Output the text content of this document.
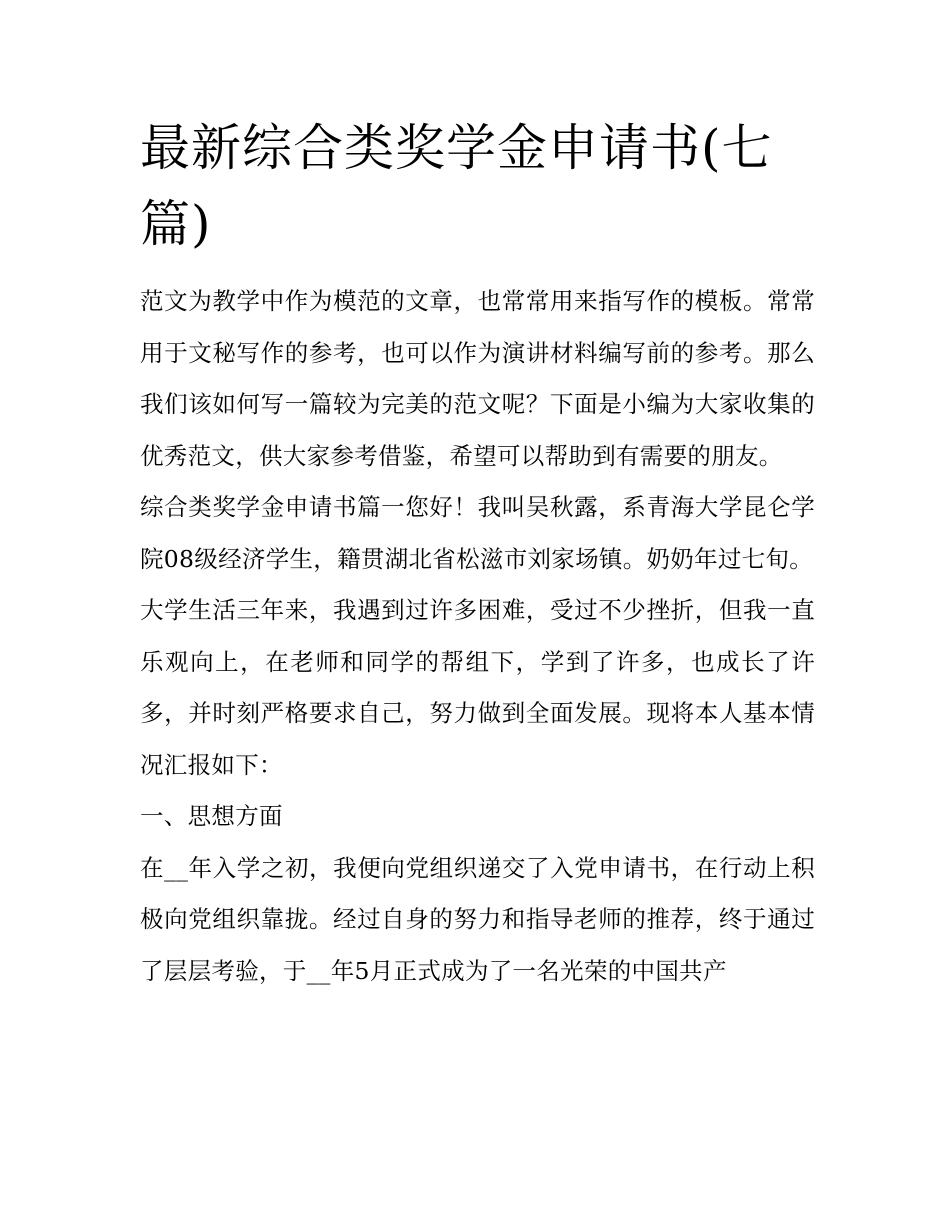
最新综合类奖学金申请书(七篇)

范文为教学中作为模范的文章，也常常用来指写作的模板。常常用于文秘写作的参考，也可以作为演讲材料编写前的参考。那么我们该如何写一篇较为完美的范文呢？下面是小编为大家收集的优秀范文，供大家参考借鉴，希望可以帮助到有需要的朋友。

综合类奖学金申请书篇一您好！我叫吴秋露，系青海大学昆仑学院08级经济学生，籍贯湖北省松滋市刘家场镇。奶奶年过七旬。

大学生活三年来，我遇到过许多困难，受过不少挫折，但我一直乐观向上，在老师和同学的帮组下，学到了许多，也成长了许多，并时刻严格要求自己，努力做到全面发展。现将本人基本情况汇报如下：

一、思想方面

在__年入学之初，我便向党组织递交了入党申请书，在行动上积极向党组织靠拢。经过自身的努力和指导老师的推荐，终于通过了层层考验，于__年5月正式成为了一名光荣的中国共产
